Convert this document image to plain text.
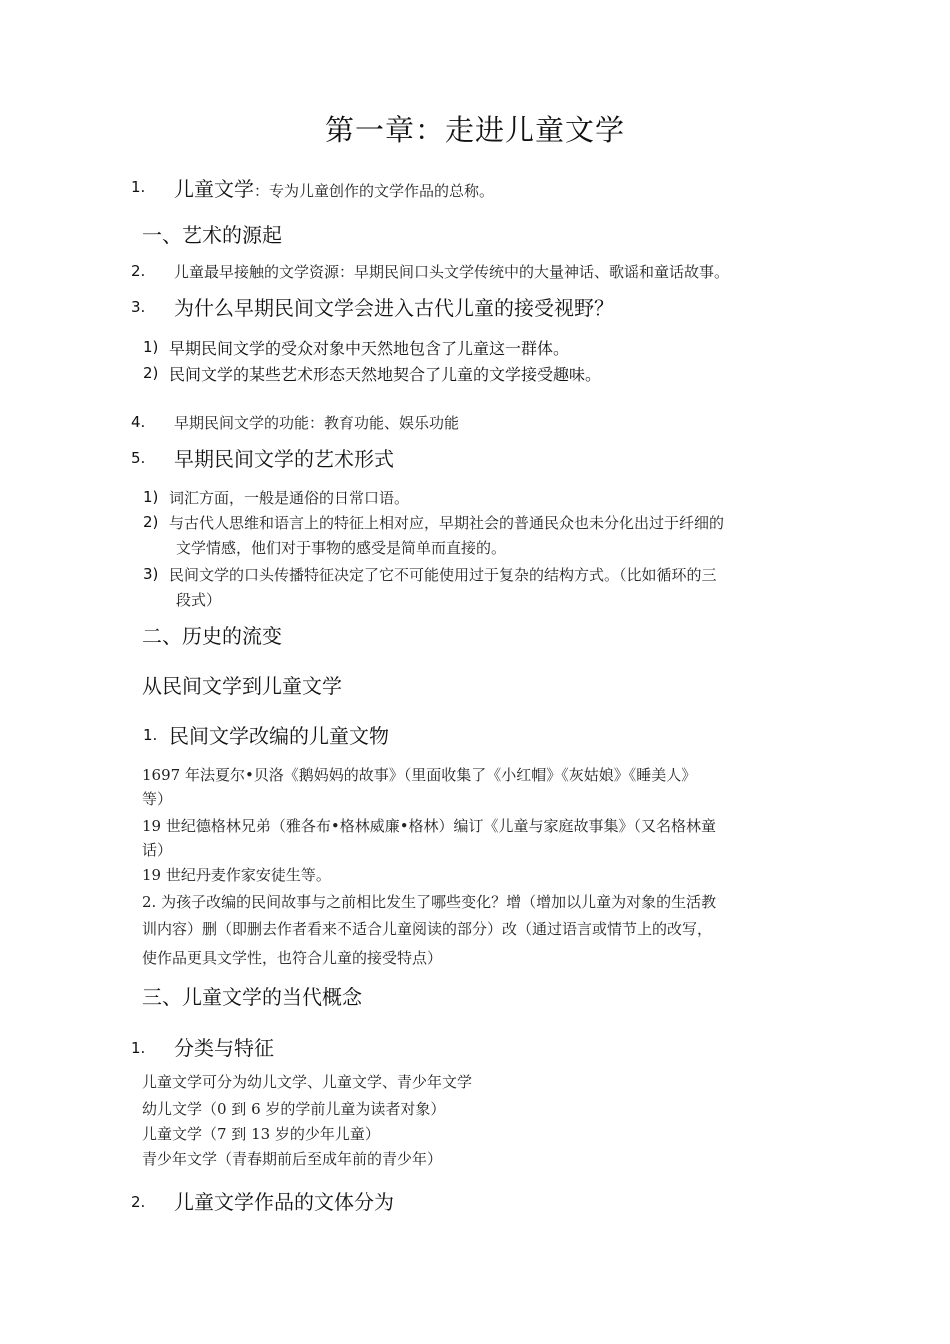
第一章：走进儿童文学
1. 儿童文学：专为儿童创作的文学作品的总称。
一、艺术的源起
2. 儿童最早接触的文学资源：早期民间口头文学传统中的大量神话、歌谣和童话故事。
3. 为什么早期民间文学会进入古代儿童的接受视野？
1) 早期民间文学的受众对象中天然地包含了儿童这一群体。
2) 民间文学的某些艺术形态天然地契合了儿童的文学接受趣味。
4. 早期民间文学的功能：教育功能、娱乐功能
5. 早期民间文学的艺术形式
1) 词汇方面，一般是通俗的日常口语。
2) 与古代人思维和语言上的特征上相对应，早期社会的普通民众也未分化出过于纤细的
文学情感，他们对于事物的感受是简单而直接的。
3) 民间文学的口头传播特征决定了它不可能使用过于复杂的结构方式。（比如循环的三
段式）
二、历史的流变
从民间文学到儿童文学
1. 民间文学改编的儿童文物
1697 年法夏尔•贝洛《鹅妈妈的故事》（里面收集了《小红帽》《灰姑娘》《睡美人》
等）
19 世纪德格林兄弟（雅各布•格林威廉•格林）编订《儿童与家庭故事集》（又名格林童
话）
19 世纪丹麦作家安徒生等。
2. 为孩子改编的民间故事与之前相比发生了哪些变化？增（增加以儿童为对象的生活教
训内容）删（即删去作者看来不适合儿童阅读的部分）改（通过语言或情节上的改写，
使作品更具文学性，也符合儿童的接受特点）
三、儿童文学的当代概念
1. 分类与特征
儿童文学可分为幼儿文学、儿童文学、青少年文学
幼儿文学（0 到 6 岁的学前儿童为读者对象）
儿童文学（7 到 13 岁的少年儿童）
青少年文学（青春期前后至成年前的青少年）
2. 儿童文学作品的文体分为
